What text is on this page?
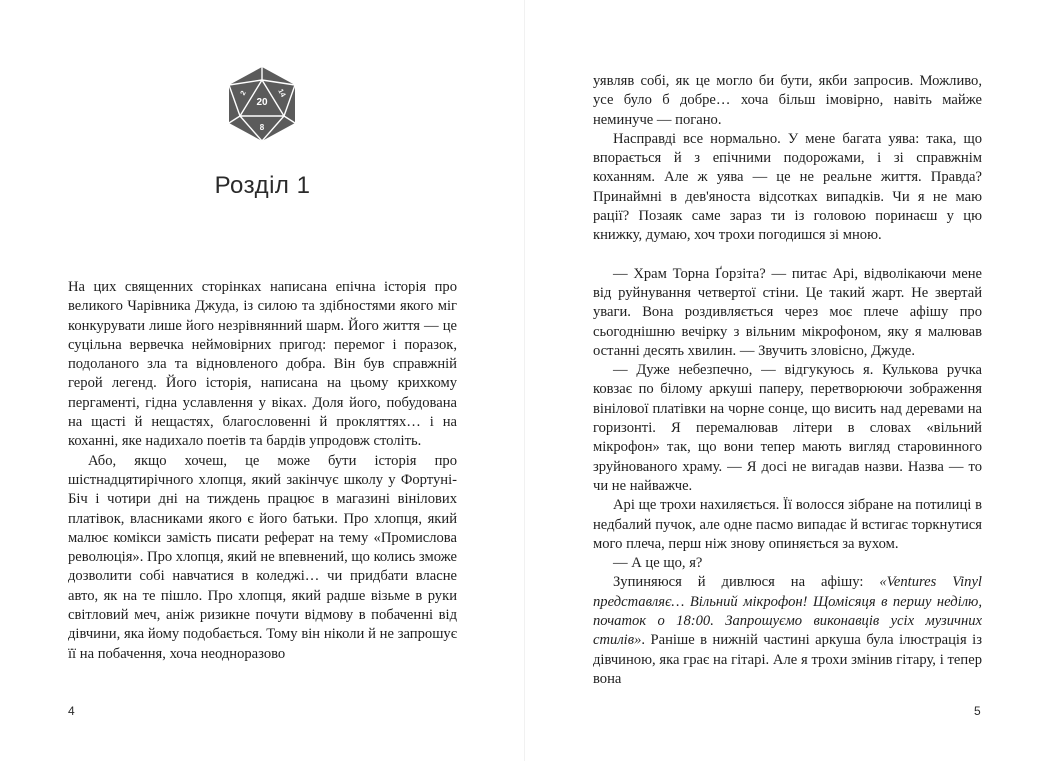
20
8
2	14
Розділ 1

На цих священних сторінках написана епічна історія про великого Чарівника Джуда, із силою та здібностями якого міг конкурувати лише його незрівнянний шарм. Його життя — це суцільна вервечка неймовірних пригод: перемог і поразок, подоланого зла та відновленого добра. Він був справжній герой легенд. Його історія, написана на цьому крихкому пергаменті, гідна уславлення у віках. Доля його, побудована на щасті й нещастях, благословенні й прокляттях… і на коханні, яке надихало поетів та бардів упродовж століть.

Або, якщо хочеш, це може бути історія про шістнадцятирічного хлопця, який закінчує школу у Фортуні-Біч і чотири дні на тиждень працює в магазині вінілових платівок, власниками якого є його батьки. Про хлопця, який малює комікси замість писати реферат на тему «Промислова революція». Про хлопця, який не впевнений, що колись зможе дозволити собі навчатися в коледжі… чи придбати власне авто, як на те пішло. Про хлопця, який радше візьме в руки світловий меч, аніж ризикне почути відмову в побаченні від дівчини, яка йому подобається. Тому він ніколи й не запрошує її на побачення, хоча неодноразово

4

уявляв собі, як це могло би бути, якби запросив. Можливо, усе було б добре… хоча більш імовірно, навіть майже неминуче — погано.

Насправді все нормально. У мене багата уява: така, що впорається й з епічними подорожами, і зі справжнім коханням. Але ж уява — це не реальне життя. Правда? Принаймні в дев'яноста відсотках випадків. Чи я не маю рації? Позаяк саме зараз ти із головою поринаєш у цю книжку, думаю, хоч трохи погодишся зі мною.

— Храм Торна Ґорзіта? — питає Арі, відволікаючи мене від руйнування четвертої стіни. Це такий жарт. Не звертай уваги. Вона роздивляється через моє плече афішу про сьогоднішню вечірку з вільним мікрофоном, яку я малював останні десять хвилин. — Звучить зловісно, Джуде.

— Дуже небезпечно, — відгукуюсь я. Кулькова ручка ковзає по білому аркуші паперу, перетворюючи зображення вінілової платівки на чорне сонце, що висить над деревами на горизонті. Я перемалював літери в словах «вільний мікрофон» так, що вони тепер мають вигляд старовинного зруйнованого храму. — Я досі не вигадав назви. Назва — то чи не найважче.

Арі ще трохи нахиляється. Її волосся зібране на потилиці в недбалий пучок, але одне пасмо випадає й встигає торкнутися мого плеча, перш ніж знову опиняється за вухом.

— А це що, я?

Зупиняюся й дивлюся на афішу: «Ventures Vinyl представляє… Вільний мікрофон! Щомісяця в першу неділю, початок о 18:00. Запрошуємо виконавців усіх музичних стилів». Раніше в нижній частині аркуша була ілюстрація із дівчиною, яка грає на гітарі. Але я трохи змінив гітару, і тепер вона

5
